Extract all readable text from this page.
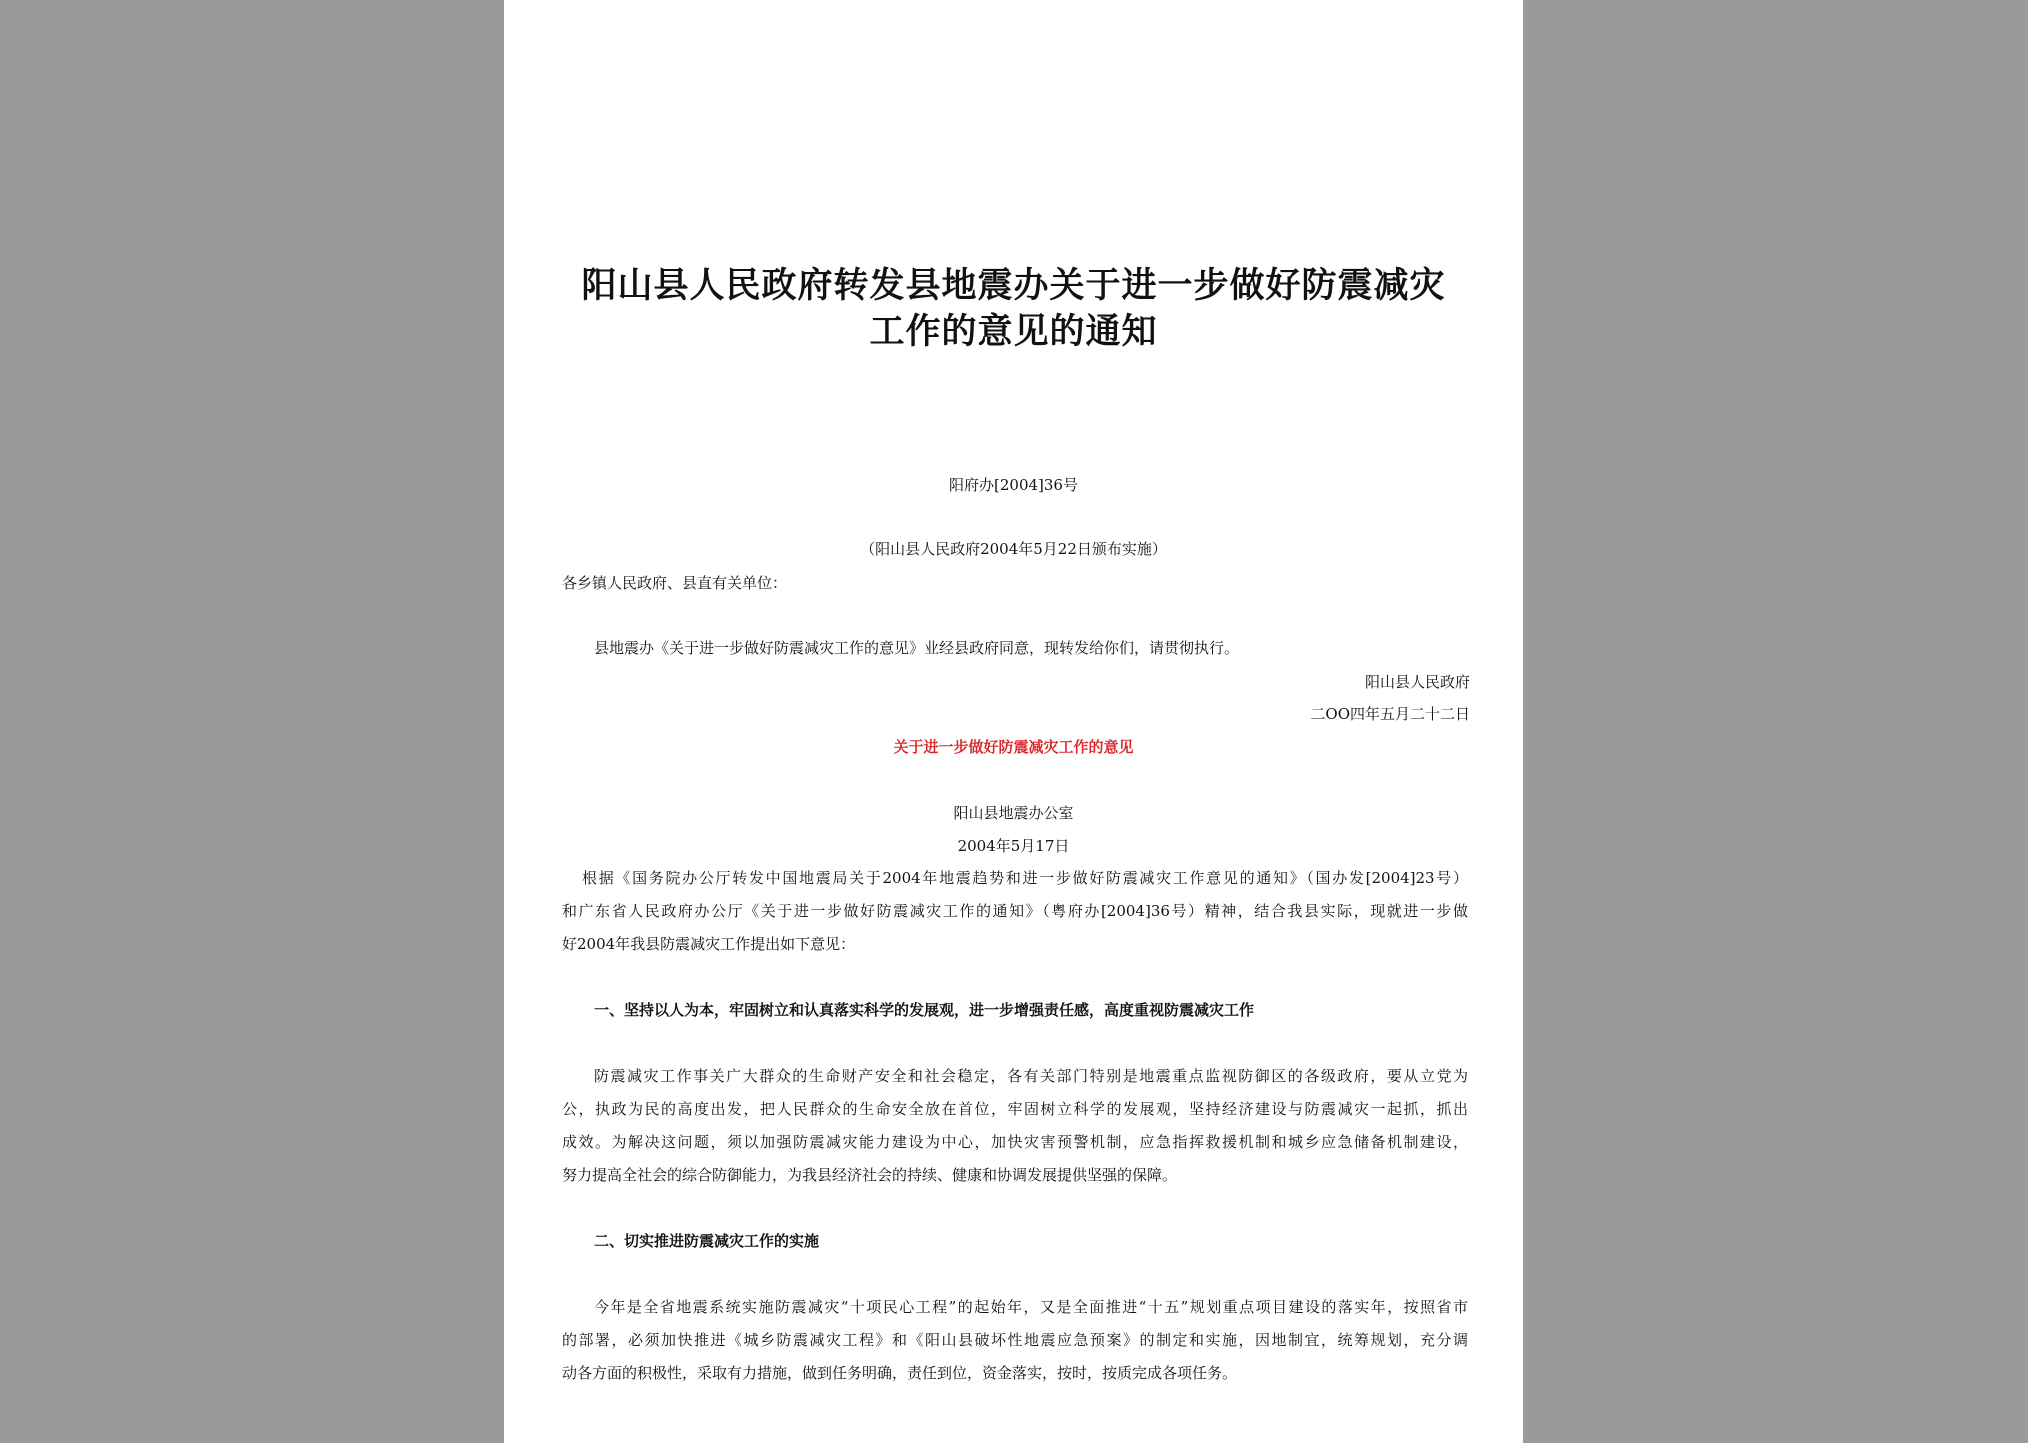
阳山县人民政府转发县地震办关于进一步做好防震减灾
工作的意见的通知
阳府办[2004]36号
（阳山县人民政府2004年5月22日颁布实施）
各乡镇人民政府、县直有关单位：
县地震办《关于进一步做好防震减灾工作的意见》业经县政府同意，现转发给你们，请贯彻执行。
阳山县人民政府
二OO四年五月二十二日
关于进一步做好防震减灾工作的意见
阳山县地震办公室
2004年5月17日
根据《国务院办公厅转发中国地震局关于2004年地震趋势和进一步做好防震减灾工作意见的通知》（国办发[2004]23号）
和广东省人民政府办公厅《关于进一步做好防震减灾工作的通知》（粤府办[2004]36号）精神，结合我县实际，现就进一步做
好2004年我县防震减灾工作提出如下意见：
一、坚持以人为本，牢固树立和认真落实科学的发展观，进一步增强责任感，高度重视防震减灾工作
防震减灾工作事关广大群众的生命财产安全和社会稳定，各有关部门特别是地震重点监视防御区的各级政府，要从立党为
公，执政为民的高度出发，把人民群众的生命安全放在首位，牢固树立科学的发展观，坚持经济建设与防震减灾一起抓，抓出
成效。为解决这问题，须以加强防震减灾能力建设为中心，加快灾害预警机制，应急指挥救援机制和城乡应急储备机制建设，
努力提高全社会的综合防御能力，为我县经济社会的持续、健康和协调发展提供坚强的保障。
二、切实推进防震减灾工作的实施
今年是全省地震系统实施防震减灾“十项民心工程”的起始年，又是全面推进“十五”规划重点项目建设的落实年，按照省市
的部署，必须加快推进《城乡防震减灾工程》和《阳山县破坏性地震应急预案》的制定和实施，因地制宜，统筹规划，充分调
动各方面的积极性，采取有力措施，做到任务明确，责任到位，资金落实，按时，按质完成各项任务。
